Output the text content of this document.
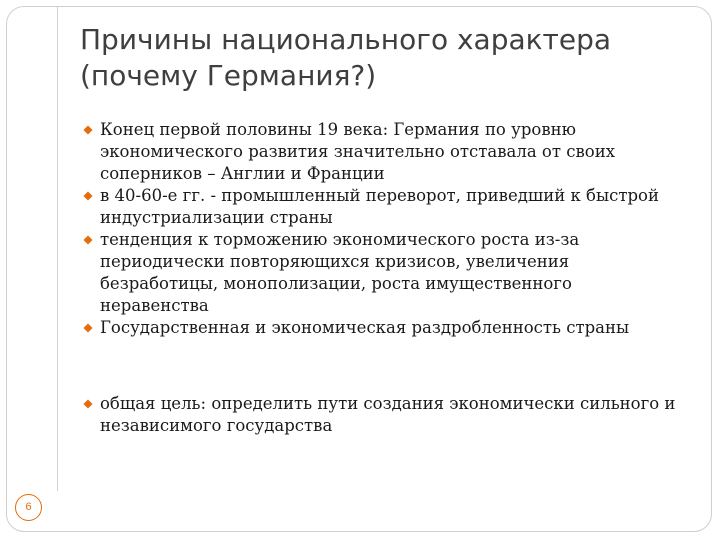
Причины национального характера
(почему Германия?)
Конец первой половины 19 века: Германия по уровню экономического развития значительно отставала от своих соперников – Англии и Франции
в 40-60-е гг. - промышленный переворот, приведший к быстрой индустриализации страны
тенденция к торможению экономического роста из-за периодически повторяющихся кризисов, увеличения безработицы, монополизации, роста имущественного неравенства
Государственная и экономическая раздробленность страны
общая цель: определить пути создания экономически сильного и независимого государства
6
